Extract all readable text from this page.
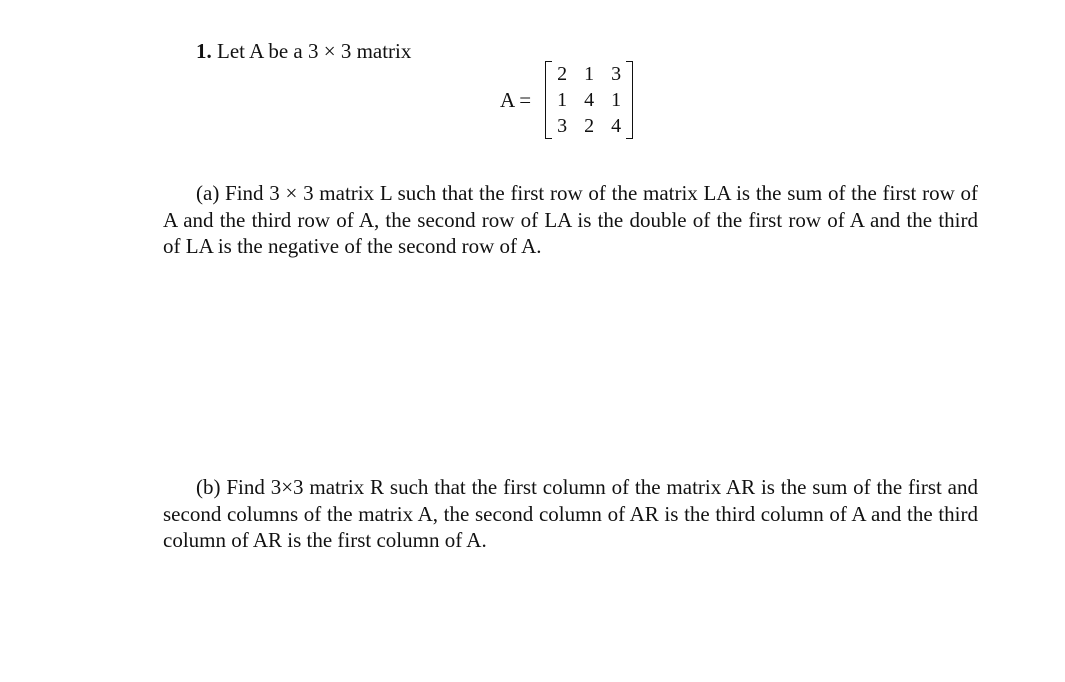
1. Let A be a 3 × 3 matrix
A =
2 1 3
1 4 1
3 2 4

(a) Find 3 × 3 matrix L such that the first row of the matrix LA is the sum of the first row of A and the third row of A, the second row of LA is the double of the first row of A and the third of LA is the negative of the second row of A.

(b) Find 3×3 matrix R such that the first column of the matrix AR is the sum of the first and second columns of the matrix A, the second column of AR is the third column of A and the third column of AR is the first column of A.
